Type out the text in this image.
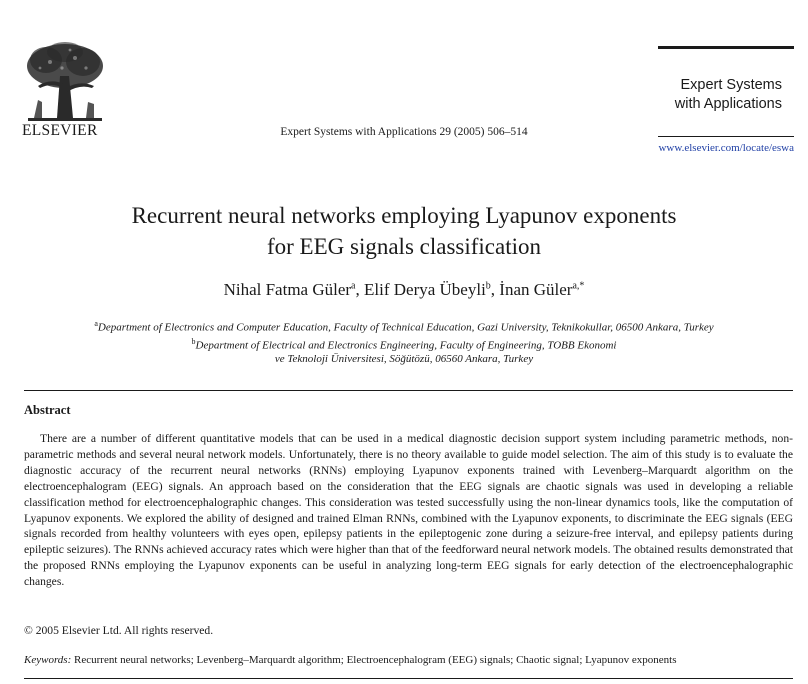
ELSEVIER	Expert Systems with Applications 29 (2005) 506–514
Expert Systems
with Applications
www.elsevier.com/locate/eswa
Recurrent neural networks employing Lyapunov exponents
for EEG signals classification
Nihal Fatma Güler$^a$, Elif Derya Übeyli$^b$, İnan Güler$^{a,*}$
$^a$Department of Electronics and Computer Education, Faculty of Technical Education, Gazi University, Teknikokullar, 06500 Ankara, Turkey
$^b$Department of Electrical and Electronics Engineering, Faculty of Engineering, TOBB Ekonomi
ve Teknoloji Üniversitesi, Söğütözü, 06560 Ankara, Turkey
Abstract
There are a number of different quantitative models that can be used in a medical diagnostic decision support system including parametric methods, non-parametric methods and several neural network models. Unfortunately, there is no theory available to guide model selection. The aim of this study is to evaluate the diagnostic accuracy of the recurrent neural networks (RNNs) employing Lyapunov exponents trained with Levenberg–Marquardt algorithm on the electroencephalogram (EEG) signals. An approach based on the consideration that the EEG signals are chaotic signals was used in developing a reliable classification method for electroencephalographic changes. This consideration was tested successfully using the non-linear dynamics tools, like the computation of Lyapunov exponents. We explored the ability of designed and trained Elman RNNs, combined with the Lyapunov exponents, to discriminate the EEG signals (EEG signals recorded from healthy volunteers with eyes open, epilepsy patients in the epileptogenic zone during a seizure-free interval, and epilepsy patients during epileptic seizures). The RNNs achieved accuracy rates which were higher than that of the feedforward neural network models. The obtained results demonstrated that the proposed RNNs employing the Lyapunov exponents can be useful in analyzing long-term EEG signals for early detection of the electroencephalographic changes.
© 2005 Elsevier Ltd. All rights reserved.
Keywords: Recurrent neural networks; Levenberg–Marquardt algorithm; Electroencephalogram (EEG) signals; Chaotic signal; Lyapunov exponents
